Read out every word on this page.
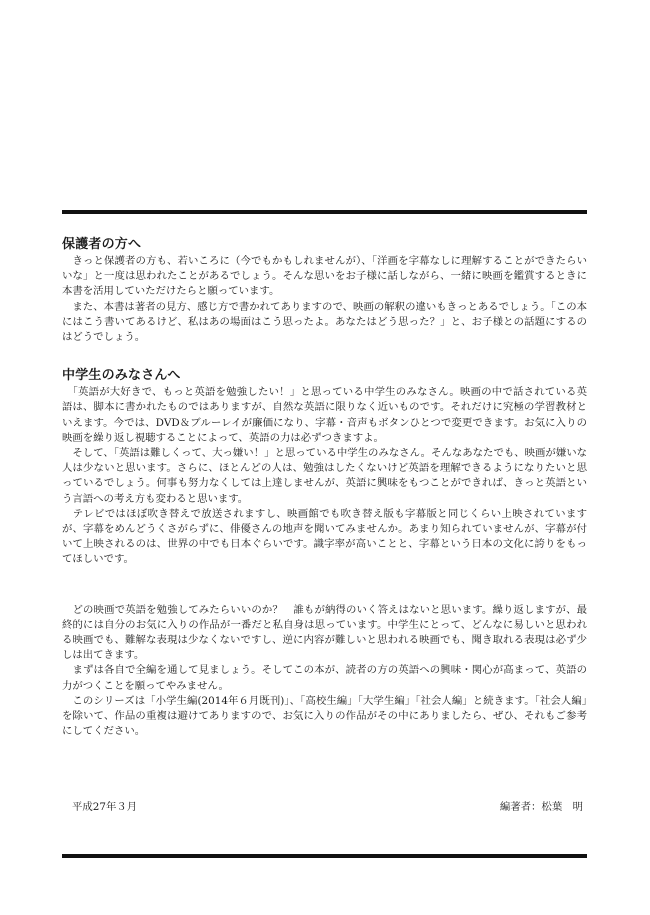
保護者の方へ

　きっと保護者の方も、若いころに（今でもかもしれませんが）、「洋画を字幕なしに理解することができたらいいな」と一度は思われたことがあるでしょう。そんな思いをお子様に話しながら、一緒に映画を鑑賞するときに本書を活用していただけたらと願っています。

　また、本書は著者の見方、感じ方で書かれてありますので、映画の解釈の違いもきっとあるでしょう。「この本にはこう書いてあるけど、私はあの場面はこう思ったよ。あなたはどう思った？」と、お子様との話題にするのはどうでしょう。

中学生のみなさんへ

　「英語が大好きで、もっと英語を勉強したい！」と思っている中学生のみなさん。映画の中で話されている英語は、脚本に書かれたものではありますが、自然な英語に限りなく近いものです。それだけに究極の学習教材といえます。今では、DVD＆ブルーレイが廉価になり、字幕・音声もボタンひとつで変更できます。お気に入りの映画を繰り返し視聴することによって、英語の力は必ずつきますよ。

　そして、「英語は難しくって、大っ嫌い！」と思っている中学生のみなさん。そんなあなたでも、映画が嫌いな人は少ないと思います。さらに、ほとんどの人は、勉強はしたくないけど英語を理解できるようになりたいと思っているでしょう。何事も努力なくしては上達しませんが、英語に興味をもつことができれば、きっと英語という言語への考え方も変わると思います。

　テレビではほぼ吹き替えで放送されますし、映画館でも吹き替え版も字幕版と同じくらい上映されていますが、字幕をめんどうくさがらずに、俳優さんの地声を聞いてみませんか。あまり知られていませんが、字幕が付いて上映されるのは、世界の中でも日本ぐらいです。識字率が高いことと、字幕という日本の文化に誇りをもってほしいです。

　どの映画で英語を勉強してみたらいいのか？　誰もが納得のいく答えはないと思います。繰り返しますが、最終的には自分のお気に入りの作品が一番だと私自身は思っています。中学生にとって、どんなに易しいと思われる映画でも、難解な表現は少なくないですし、逆に内容が難しいと思われる映画でも、聞き取れる表現は必ず少しは出てきます。

　まずは各自で全編を通して見ましょう。そしてこの本が、読者の方の英語への興味・関心が高まって、英語の力がつくことを願ってやみません。

　このシリーズは「小学生編(2014年６月既刊)」、「高校生編」「大学生編」「社会人編」と続きます。「社会人編」を除いて、作品の重複は避けてありますので、お気に入りの作品がその中にありましたら、ぜひ、それもご参考にしてください。

平成27年３月	編著者：松葉　明
